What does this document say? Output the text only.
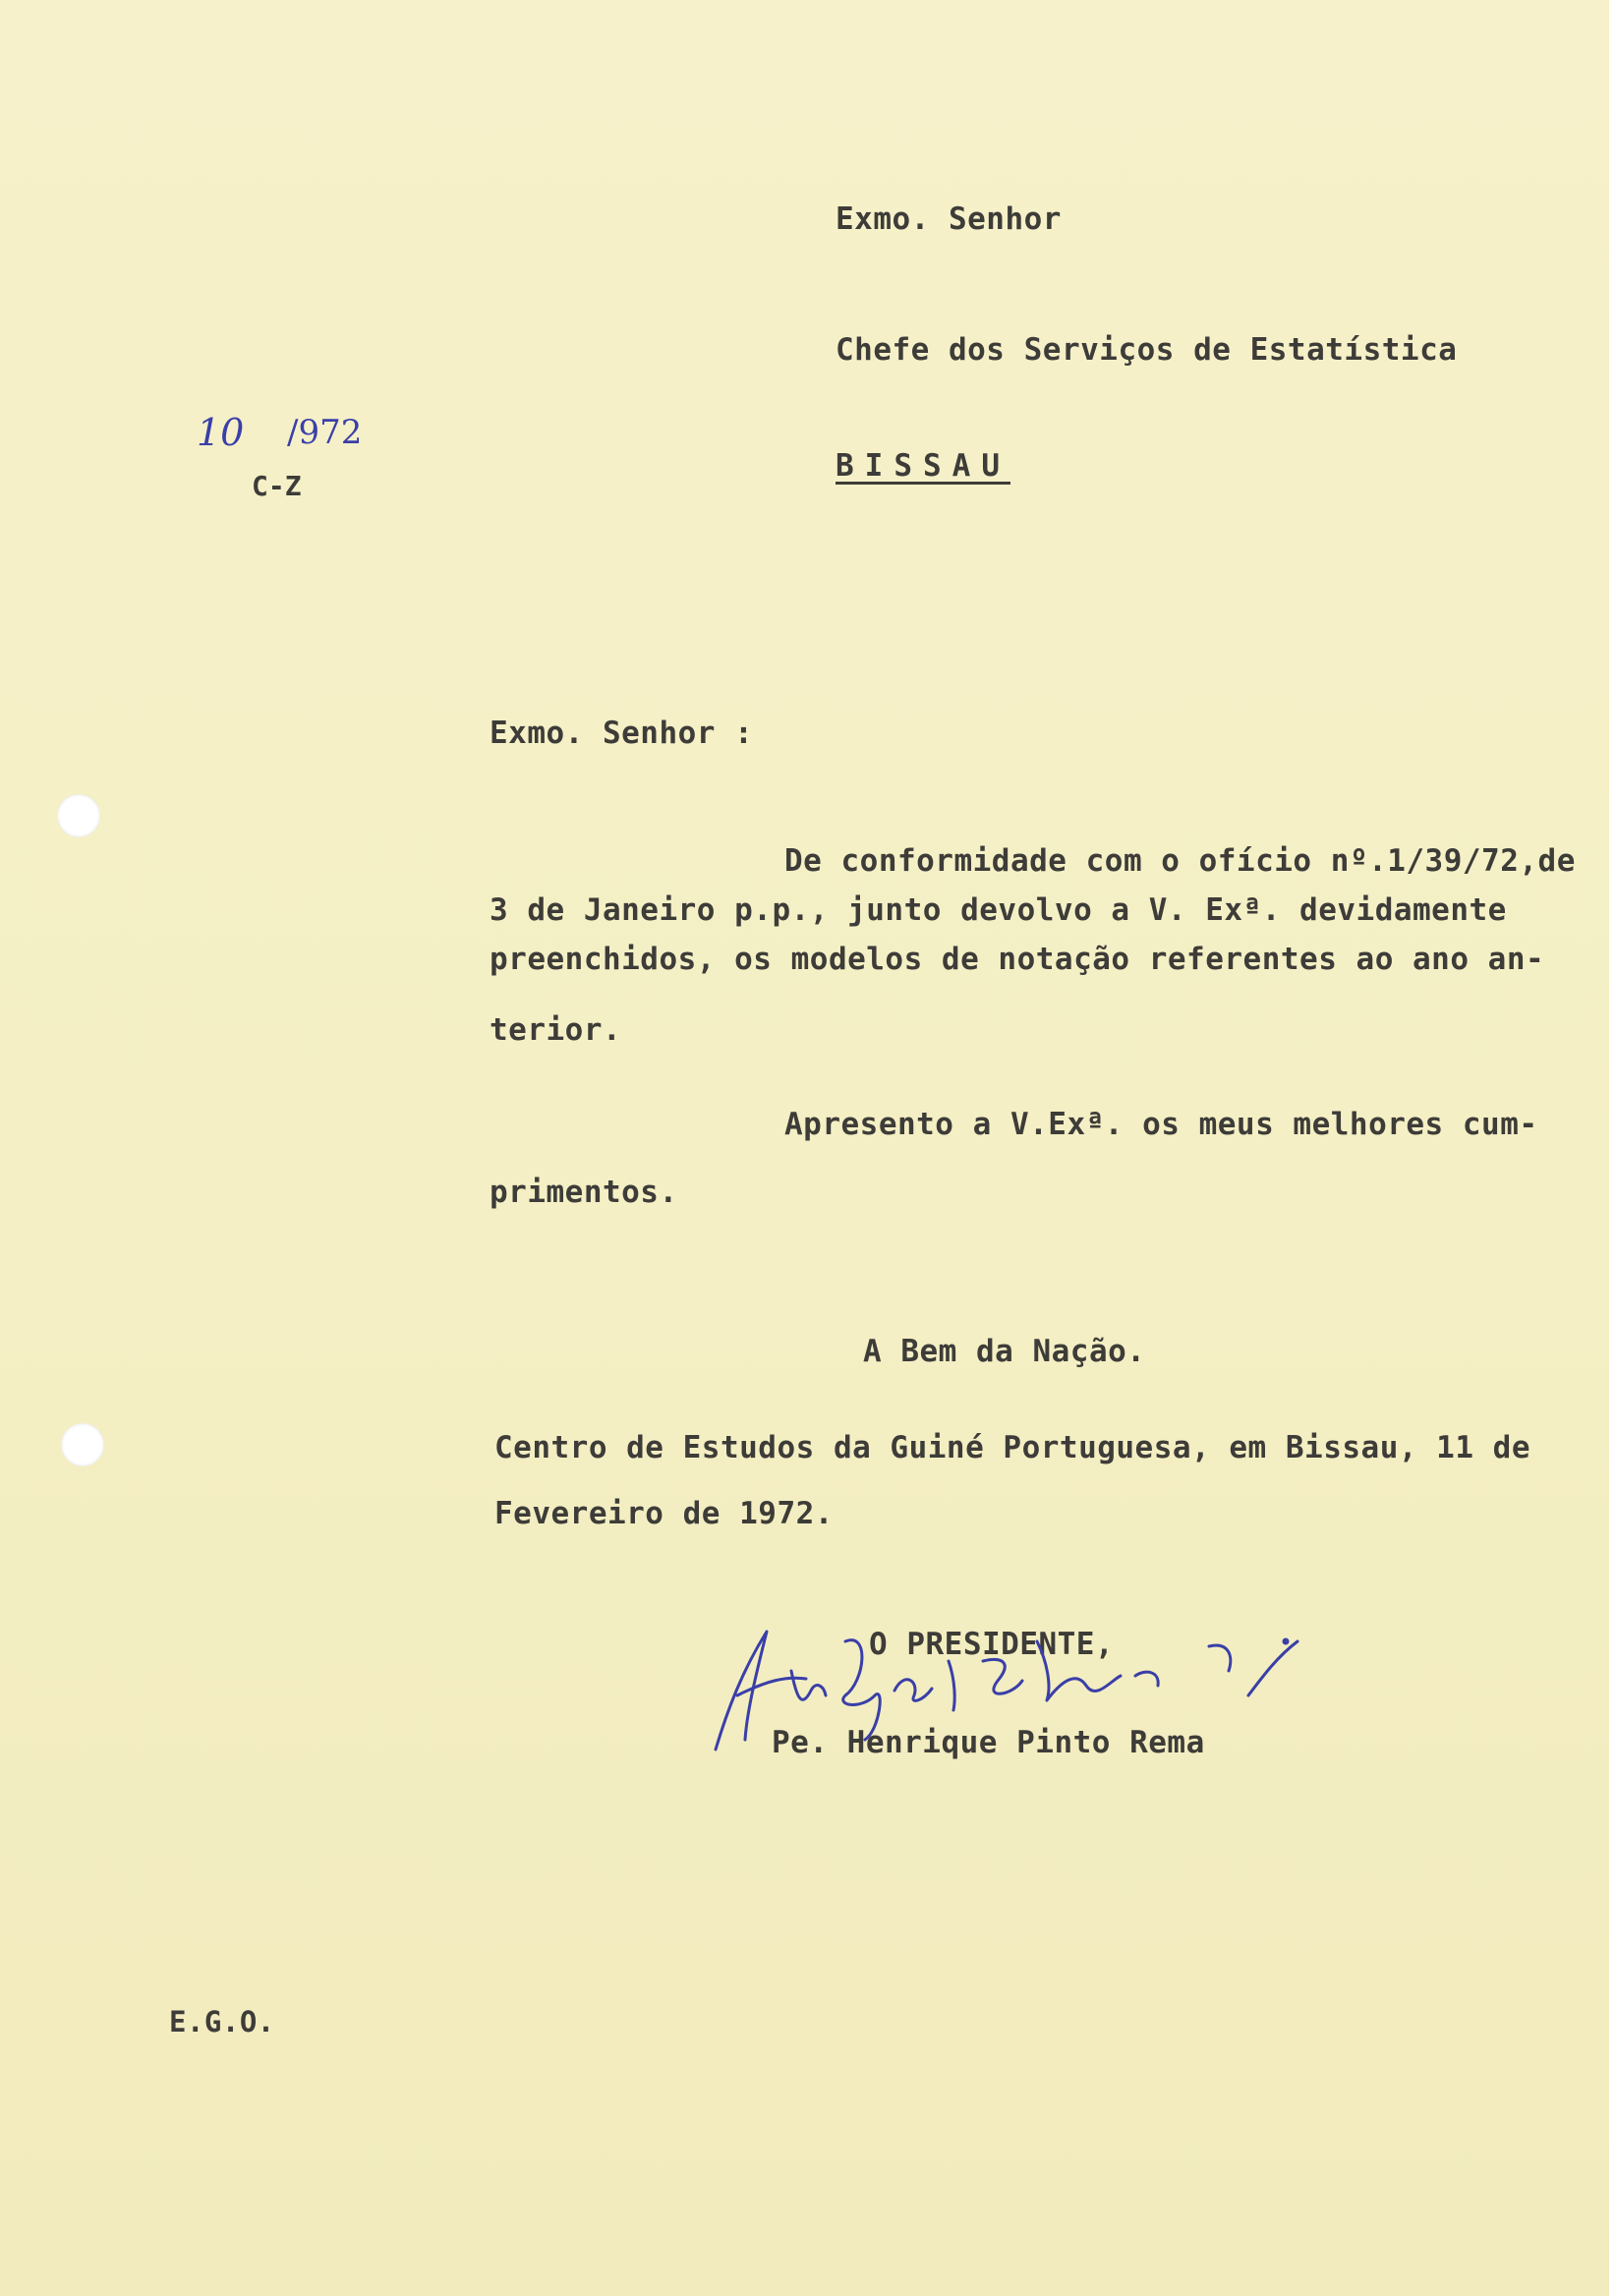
Exmo. Senhor
Chefe dos Serviços de Estatística
BISSAU
10 /972
C-Z
Exmo. Senhor :
De conformidade com o ofício nº.1/39/72,de
3 de Janeiro p.p., junto devolvo a V. Exª. devidamente
preenchidos, os modelos de notação referentes ao ano an-
terior.
Apresento a V.Exª. os meus melhores cum-
primentos.
A Bem da Nação.
Centro de Estudos da Guiné Portuguesa, em Bissau, 11 de
Fevereiro de 1972.
O PRESIDENTE,
Pe. Henrique Pinto Rema
E.G.O.
